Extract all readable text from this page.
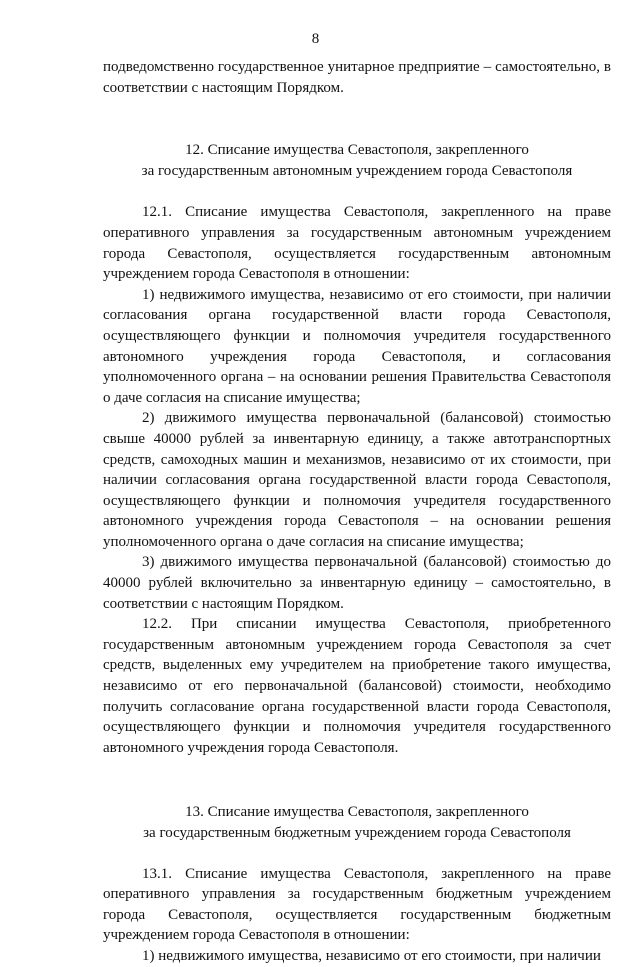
8

подведомственно государственное унитарное предприятие – самостоятельно, в соответствии с настоящим Порядком.

12. Списание имущества Севастополя, закрепленного
за государственным автономным учреждением города Севастополя

12.1. Списание имущества Севастополя, закрепленного на праве оперативного управления за государственным автономным учреждением города Севастополя, осуществляется государственным автономным учреждением города Севастополя в отношении:

1) недвижимого имущества, независимо от его стоимости, при наличии согласования органа государственной власти города Севастополя, осуществляющего функции и полномочия учредителя государственного автономного учреждения города Севастополя, и согласования уполномоченного органа – на основании решения Правительства Севастополя о даче согласия на списание имущества;

2) движимого имущества первоначальной (балансовой) стоимостью свыше 40000 рублей за инвентарную единицу, а также автотранспортных средств, самоходных машин и механизмов, независимо от их стоимости, при наличии согласования органа государственной власти города Севастополя, осуществляющего функции и полномочия учредителя государственного автономного учреждения города Севастополя – на основании решения уполномоченного органа о даче согласия на списание имущества;

3) движимого имущества первоначальной (балансовой) стоимостью до 40000 рублей включительно за инвентарную единицу – самостоятельно, в соответствии с настоящим Порядком.

12.2. При списании имущества Севастополя, приобретенного государственным автономным учреждением города Севастополя за счет средств, выделенных ему учредителем на приобретение такого имущества, независимо от его первоначальной (балансовой) стоимости, необходимо получить согласование органа государственной власти города Севастополя, осуществляющего функции и полномочия учредителя государственного автономного учреждения города Севастополя.

13. Списание имущества Севастополя, закрепленного
за государственным бюджетным учреждением города Севастополя

13.1. Списание имущества Севастополя, закрепленного на праве оперативного управления за государственным бюджетным учреждением города Севастополя, осуществляется государственным бюджетным учреждением города Севастополя в отношении:

1) недвижимого имущества, независимо от его стоимости, при наличии
